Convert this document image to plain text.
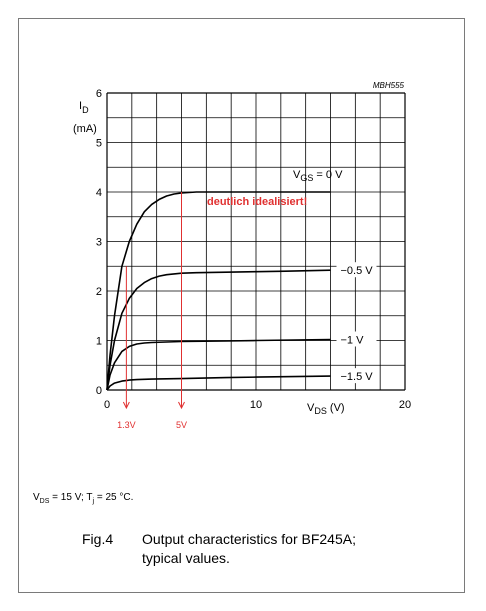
$V_{GS} = 0$ V
−0.5 V
−1 V
−1.5 V
deutlich idealisiert!
1.3V	5V
0
1
2
3
4
5
6
0	10	20
$I_D$
(mA)
$V_{DS}$ (V)
MBH555
$V_{DS} = 15$ V; $T_j = 25$ °C.
Fig.4 Output characteristics for BF245A;
typical values.
